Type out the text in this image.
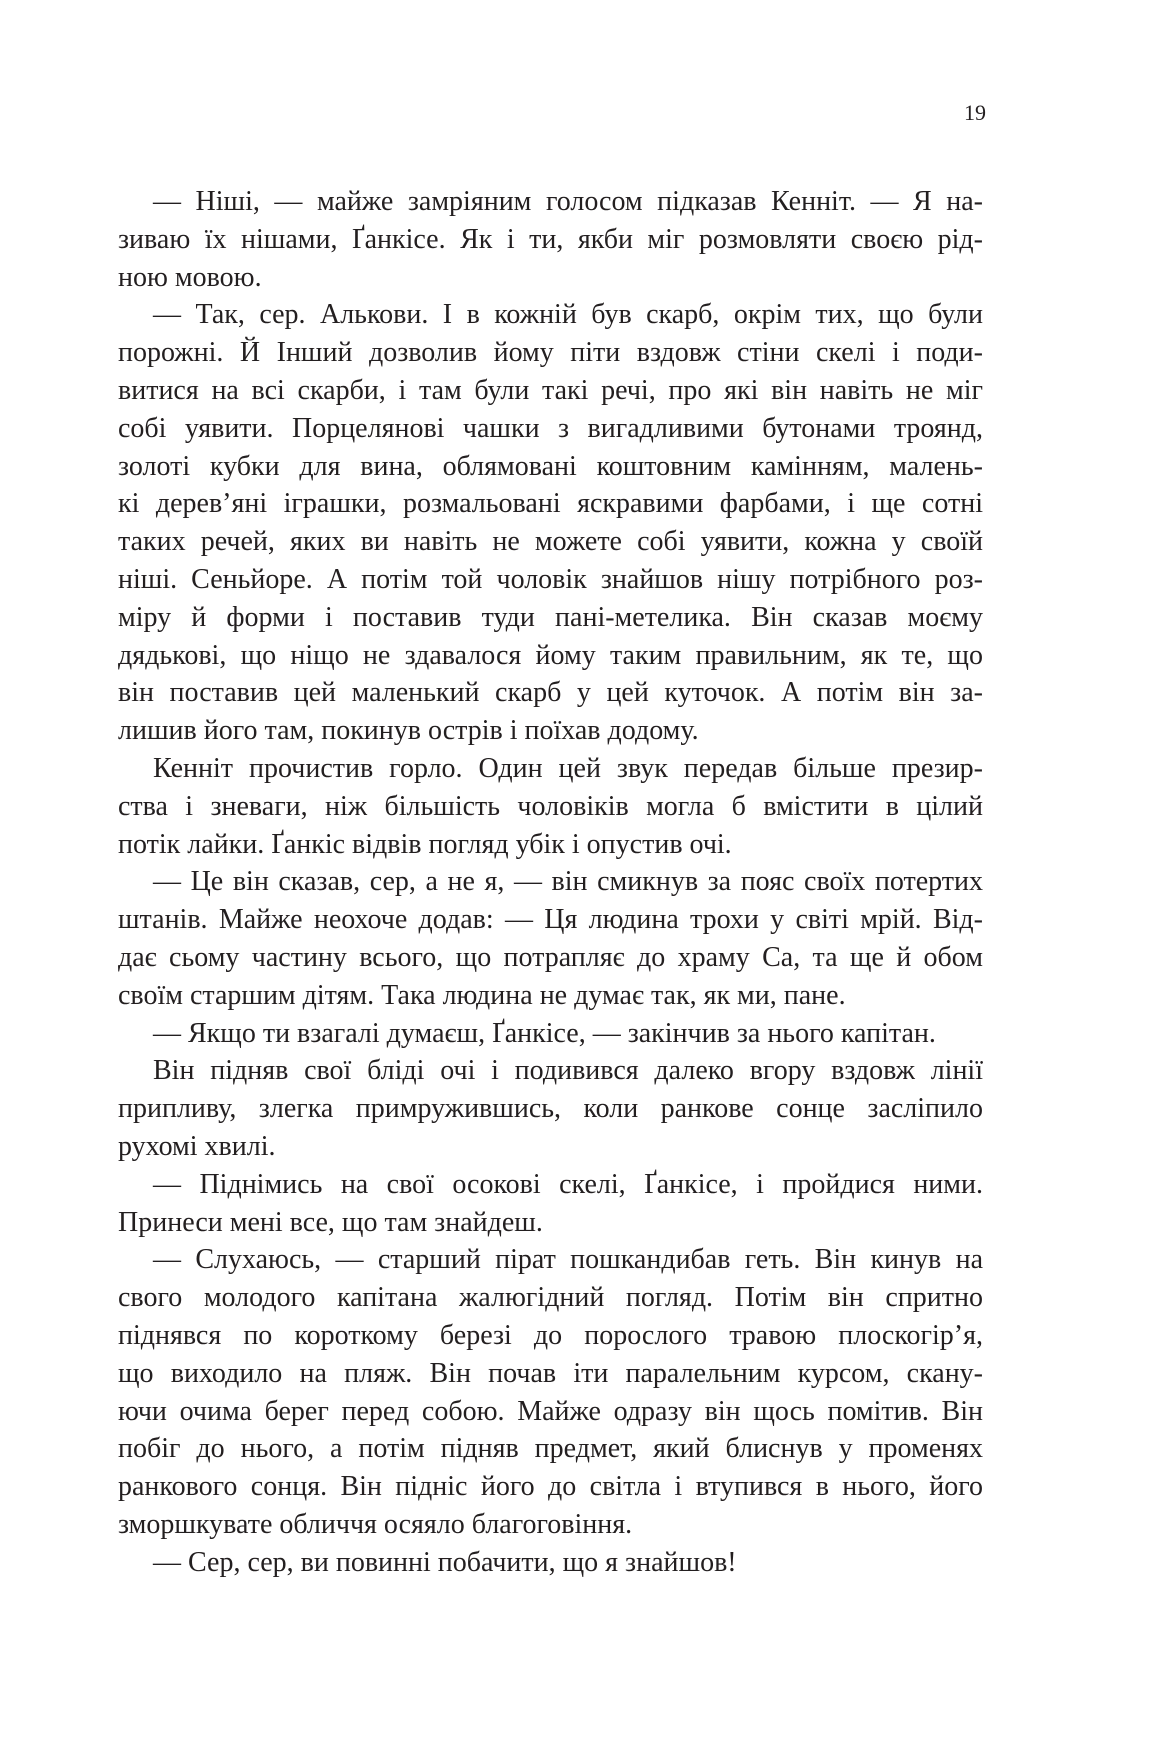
19
— Ніші, — майже замріяним голосом підказав Кенніт. — Я на-
зиваю їх нішами, Ґанкісе. Як і ти, якби міг розмовляти своєю рід-
ною мовою.
— Так, сер. Алькови. І в кожній був скарб, окрім тих, що були
порожні. Й Інший дозволив йому піти вздовж стіни скелі і поди-
витися на всі скарби, і там були такі речі, про які він навіть не міг
собі уявити. Порцелянові чашки з вигадливими бутонами троянд,
золоті кубки для вина, облямовані коштовним камінням, малень-
кі дерев’яні іграшки, розмальовані яскравими фарбами, і ще сотні
таких речей, яких ви навіть не можете собі уявити, кожна у своїй
ніші. Сеньйоре. А потім той чоловік знайшов нішу потрібного роз-
міру й форми і поставив туди пані-метелика. Він сказав моєму
дядькові, що ніщо не здавалося йому таким правильним, як те, що
він поставив цей маленький скарб у цей куточок. А потім він за-
лишив його там, покинув острів і поїхав додому.
Кенніт прочистив горло. Один цей звук передав більше презир-
ства і зневаги, ніж більшість чоловіків могла б вмістити в цілий
потік лайки. Ґанкіс відвів погляд убік і опустив очі.
— Це він сказав, сер, а не я, — він смикнув за пояс своїх потертих
штанів. Майже неохоче додав: — Ця людина трохи у світі мрій. Від-
дає сьому частину всього, що потрапляє до храму Са, та ще й обом
своїм старшим дітям. Така людина не думає так, як ми, пане.
— Якщо ти взагалі думаєш, Ґанкісе, — закінчив за нього капітан.
Він підняв свої бліді очі і подивився далеко вгору вздовж лінії
припливу, злегка примружившись, коли ранкове сонце засліпило
рухомі хвилі.
— Піднімись на свої осокові скелі, Ґанкісе, і пройдися ними.
Принеси мені все, що там знайдеш.
— Слухаюсь, — старший пірат пошкандибав геть. Він кинув на
свого молодого капітана жалюгідний погляд. Потім він спритно
піднявся по короткому березі до порослого травою плоскогір’я,
що виходило на пляж. Він почав іти паралельним курсом, скану-
ючи очима берег перед собою. Майже одразу він щось помітив. Він
побіг до нього, а потім підняв предмет, який блиснув у променях
ранкового сонця. Він підніс його до світла і втупився в нього, його
зморшкувате обличчя осяяло благоговіння.
— Сер, сер, ви повинні побачити, що я знайшов!
